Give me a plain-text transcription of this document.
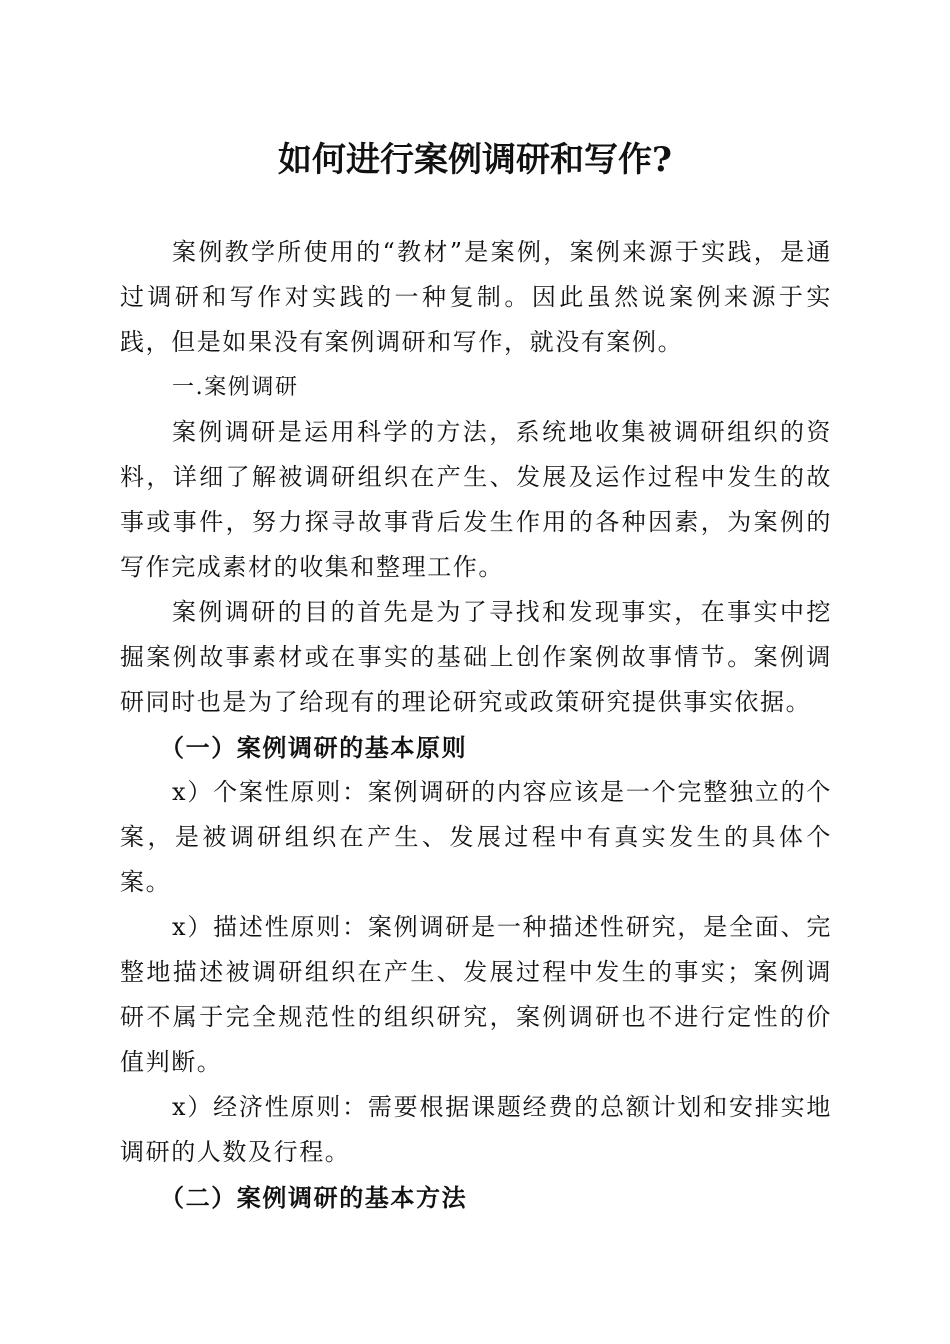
如何进行案例调研和写作?

案例教学所使用的“教材”是案例，案例来源于实践，是通过调研和写作对实践的一种复制。因此虽然说案例来源于实践，但是如果没有案例调研和写作，就没有案例。

一.案例调研

案例调研是运用科学的方法，系统地收集被调研组织的资料，详细了解被调研组织在产生、发展及运作过程中发生的故事或事件，努力探寻故事背后发生作用的各种因素，为案例的写作完成素材的收集和整理工作。

案例调研的目的首先是为了寻找和发现事实，在事实中挖掘案例故事素材或在事实的基础上创作案例故事情节。案例调研同时也是为了给现有的理论研究或政策研究提供事实依据。

（一）案例调研的基本原则

x）个案性原则：案例调研的内容应该是一个完整独立的个案，是被调研组织在产生、发展过程中有真实发生的具体个案。

x）描述性原则：案例调研是一种描述性研究，是全面、完整地描述被调研组织在产生、发展过程中发生的事实；案例调研不属于完全规范性的组织研究，案例调研也不进行定性的价值判断。

x）经济性原则：需要根据课题经费的总额计划和安排实地调研的人数及行程。

（二）案例调研的基本方法
